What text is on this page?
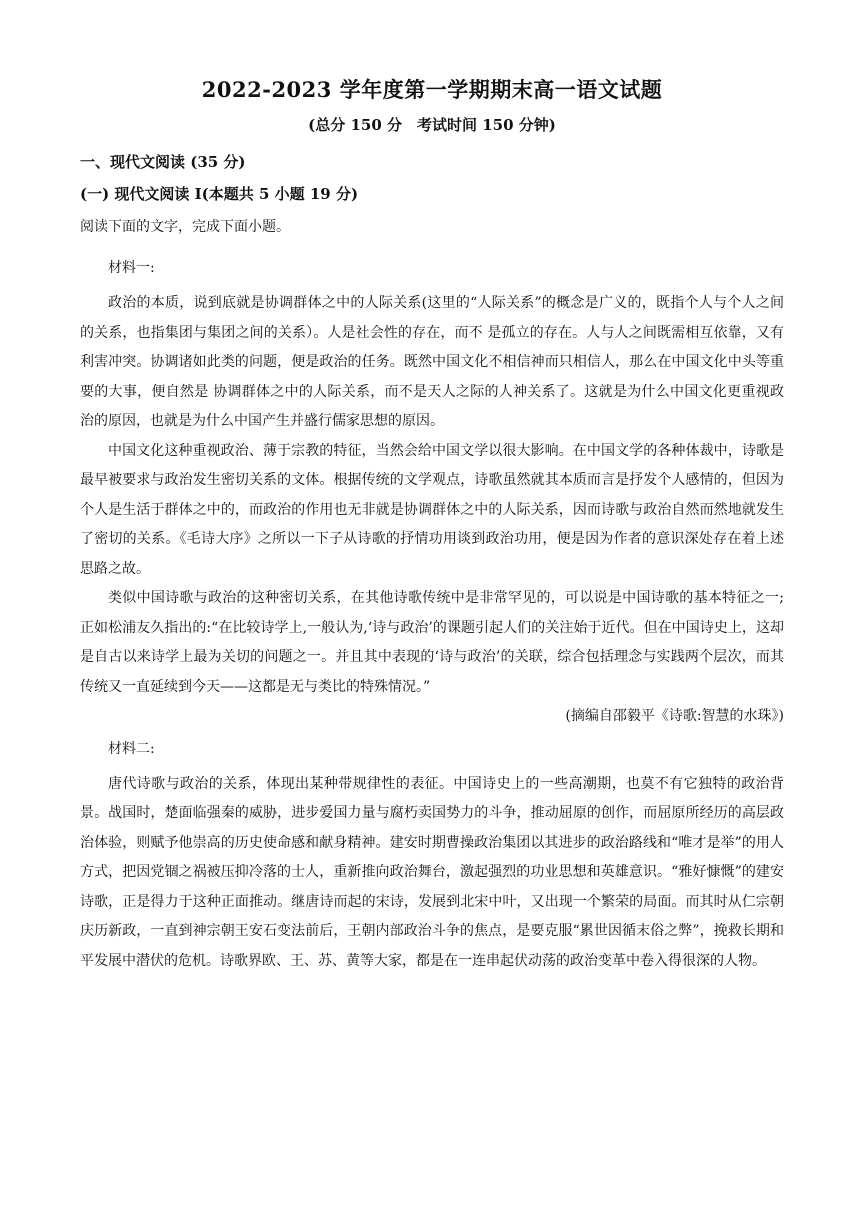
2022-2023 学年度第一学期期末高一语文试题
(总分 150 分　考试时间 150 分钟)
一、现代文阅读 (35 分)
(一) 现代文阅读 I(本题共 5 小题 19 分)
阅读下面的文字，完成下面小题。
材料一:

政治的本质，说到底就是协调群体之中的人际关系(这里的“人际关系”的概念是广义的，既指个人与个人之间的关系，也指集团与集团之间的关系）。人是社会性的存在，而不 是孤立的存在。人与人之间既需相互依靠，又有利害冲突。协调诸如此类的问题，便是政治的任务。既然中国文化不相信神而只相信人，那么在中国文化中头等重要的大事，便自然是 协调群体之中的人际关系，而不是天人之际的人神关系了。这就是为什么中国文化更重视政治的原因，也就是为什么中国产生并盛行儒家思想的原因。

中国文化这种重视政治、薄于宗教的特征，当然会给中国文学以很大影响。在中国文学的各种体裁中，诗歌是最早被要求与政治发生密切关系的文体。根据传统的文学观点，诗歌虽然就其本质而言是抒发个人感情的，但因为个人是生活于群体之中的，而政治的作用也无非就是协调群体之中的人际关系，因而诗歌与政治自然而然地就发生了密切的关系。《毛诗大序》之所以一下子从诗歌的抒情功用谈到政治功用，便是因为作者的意识深处存在着上述思路之故。

类似中国诗歌与政治的这种密切关系，在其他诗歌传统中是非常罕见的，可以说是中国诗歌的基本特征之一;正如松浦友久指出的:“在比较诗学上,一般认为,‘诗与政治’的课题引起人们的关注始于近代。但在中国诗史上，这却是自古以来诗学上最为关切的问题之一。并且其中表现的‘诗与政治’的关联，综合包括理念与实践两个层次，而其传统又一直延续到今天——这都是无与类比的特殊情况。”

(摘编自邵毅平《诗歌:智慧的水珠》)
材料二:

唐代诗歌与政治的关系，体现出某种带规律性的表征。中国诗史上的一些高潮期，也莫不有它独特的政治背景。战国时，楚面临强秦的威胁，进步爱国力量与腐朽卖国势力的斗争，推动屈原的创作，而屈原所经历的高层政治体验，则赋予他崇高的历史使命感和献身精神。建安时期曹操政治集团以其进步的政治路线和“唯才是举”的用人方式，把因党锢之祸被压抑冷落的士人，重新推向政治舞台，激起强烈的功业思想和英雄意识。“雅好慷慨”的建安诗歌，正是得力于这种正面推动。继唐诗而起的宋诗，发展到北宋中叶，又出现一个繁荣的局面。而其时从仁宗朝庆历新政，一直到神宗朝王安石变法前后，王朝内部政治斗争的焦点，是要克服“累世因循末俗之弊”，挽救长期和平发展中潜伏的危机。诗歌界欧、王、苏、黄等大家，都是在一连串起伏动荡的政治变革中卷入得很深的人物。
